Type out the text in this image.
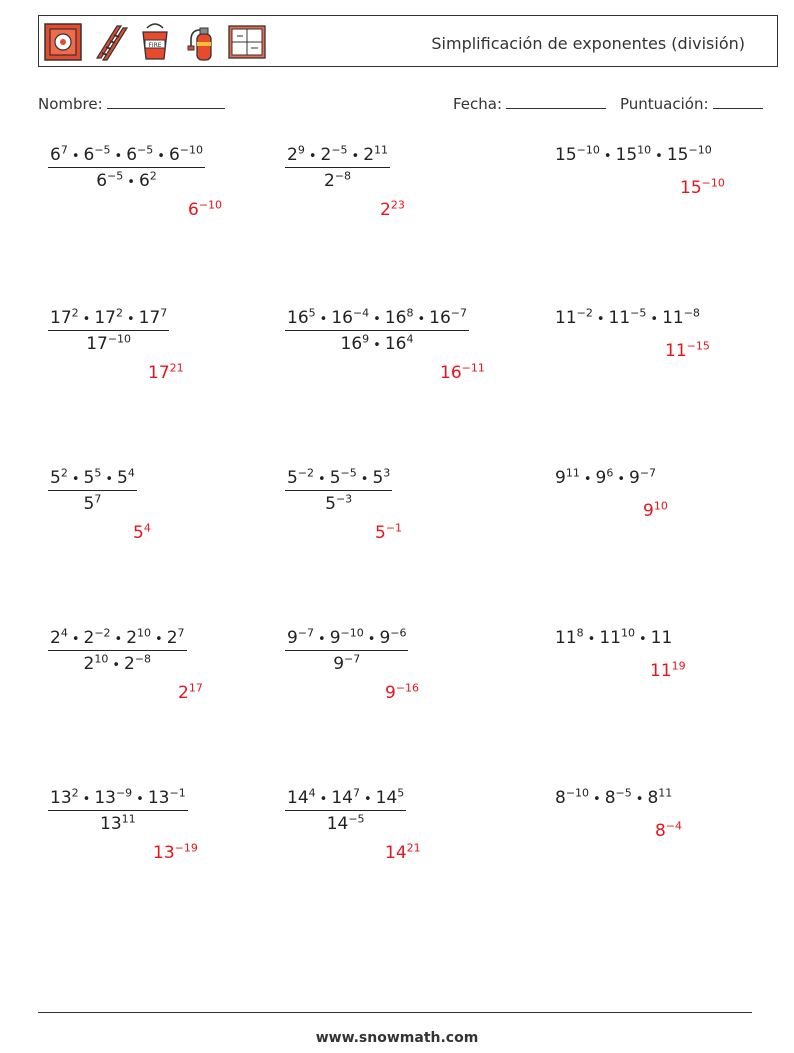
FIRE	Simplificación de exponentes (división)
Nombre:	Fecha:	Puntuación:
$\frac{6^7 • 6^{-5} • 6^{-5} • 6^{-10}}{6^{-5} • 6^2}$
$6^{-10}$
$\frac{2^9 • 2^{-5} • 2^{11}}{2^{-8}}$
$2^{23}$
$15^{-10}$ • $15^{10}$ • $15^{-10}$
$15^{-10}$
$\frac{17^2 • 17^2 • 17^7}{17^{-10}}$
$17^{21}$
$\frac{16^5 • 16^{-4} • 16^8 • 16^{-7}}{16^9 • 16^4}$
$16^{-11}$
$11^{-2}$ • $11^{-5}$ • $11^{-8}$
$11^{-15}$
$\frac{5^2 • 5^5 • 5^4}{5^7}$
$5^4$
$\frac{5^{-2} • 5^{-5} • 5^3}{5^{-3}}$
$5^{-1}$
$9^{11}$ • $9^6$ • $9^{-7}$
$9^{10}$
$\frac{2^4 • 2^{-2} • 2^{10} • 2^7}{2^{10} • 2^{-8}}$
$2^{17}$
$\frac{9^{-7} • 9^{-10} • 9^{-6}}{9^{-7}}$
$9^{-16}$
$11^8$ • $11^{10}$ • 11
$11^{19}$
$\frac{13^2 • 13^{-9} • 13^{-1}}{13^{11}}$
$13^{-19}$
$\frac{14^4 • 14^7 • 14^5}{14^{-5}}$
$14^{21}$
$8^{-10}$ • $8^{-5}$ • $8^{11}$
$8^{-4}$
www.snowmath.com
